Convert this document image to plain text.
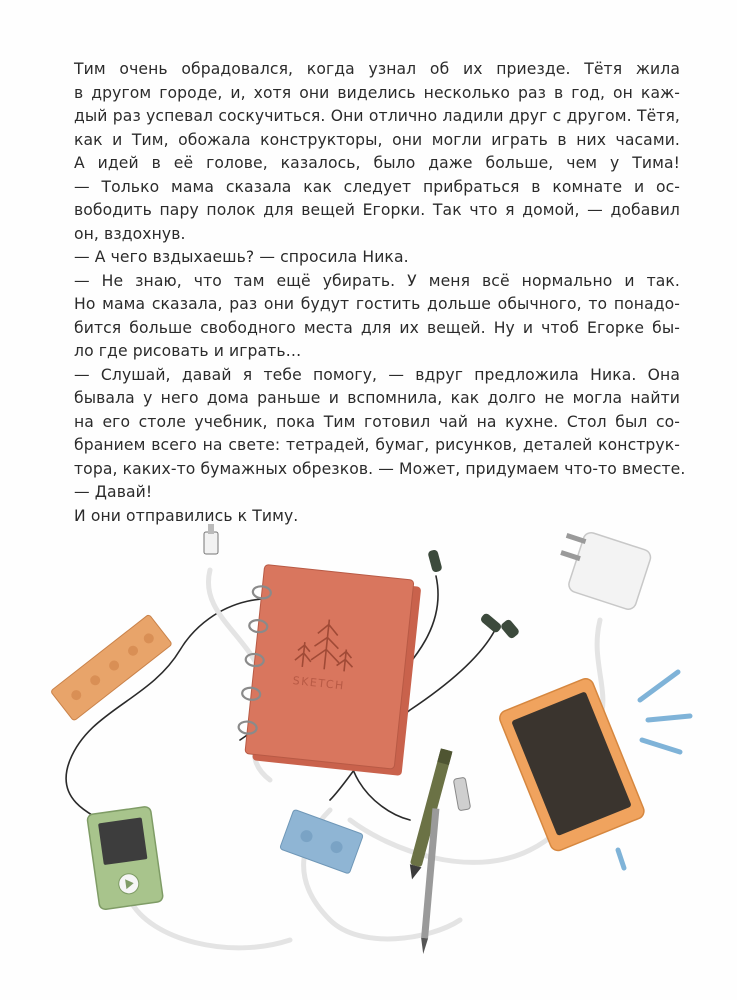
Тим очень обрадовался, когда узнал об их приезде. Тётя жила
в другом городе, и, хотя они виделись несколько раз в год, он каж-
дый раз успевал соскучиться. Они отлично ладили друг с другом. Тётя,
как и Тим, обожала конструкторы, они могли играть в них часами.
А идей в её голове, казалось, было даже больше, чем у Тима!
— Только мама сказала как следует прибраться в комнате и ос-
вободить пару полок для вещей Егорки. Так что я домой, — добавил
он, вздохнув.
— А чего вздыхаешь? — спросила Ника.
— Не знаю, что там ещё убирать. У меня всё нормально и так.
Но мама сказала, раз они будут гостить дольше обычного, то понадо-
бится больше свободного места для их вещей. Ну и чтоб Егорке бы-
ло где рисовать и играть…
— Слушай, давай я тебе помогу, — вдруг предложила Ника. Она
бывала у него дома раньше и вспомнила, как долго не могла найти
на его столе учебник, пока Тим готовил чай на кухне. Стол был со-
бранием всего на свете: тетрадей, бумаг, рисунков, деталей конструк-
тора, каких-то бумажных обрезков. — Может, придумаем что-то вместе.
— Давай!
И они отправились к Тиму.
SKETCH
